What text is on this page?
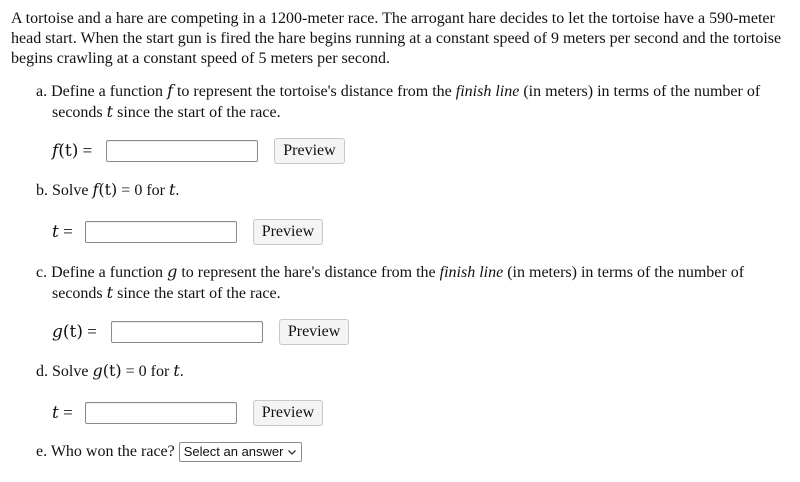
A tortoise and a hare are competing in a 1200-meter race. The arrogant hare decides to let the tortoise have a 590-meter head start. When the start gun is fired the hare begins running at a constant speed of 9 meters per second and the tortoise begins crawling at a constant speed of 5 meters per second.
a. Define a function f to represent the tortoise's distance from the finish line (in meters) in terms of the number of
seconds t since the start of the race.
f(t) =	Preview
b. Solve f(t) = 0 for t.
t =	Preview
c. Define a function g to represent the hare's distance from the finish line (in meters) in terms of the number of
seconds t since the start of the race.
g(t) =	Preview
d. Solve g(t) = 0 for t.
t =	Preview
e. Who won the race? Select an answer
